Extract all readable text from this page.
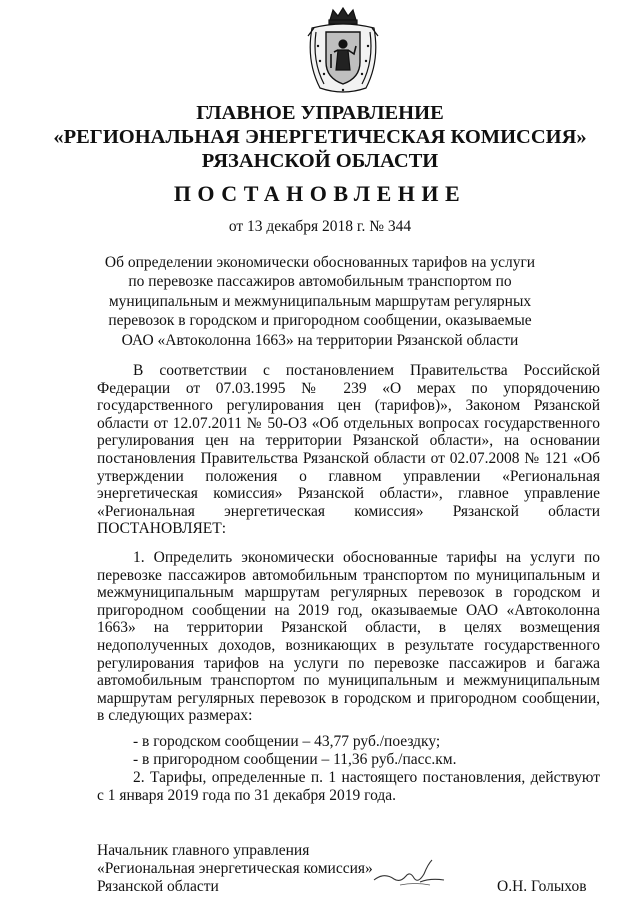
ГЛАВНОЕ УПРАВЛЕНИЕ
«РЕГИОНАЛЬНАЯ ЭНЕРГЕТИЧЕСКАЯ КОМИССИЯ»
РЯЗАНСКОЙ ОБЛАСТИ
ПОСТАНОВЛЕНИЕ
от 13 декабря 2018 г. № 344
Об определении экономически обоснованных тарифов на услуги по перевозке пассажиров автомобильным транспортом по муниципальным и межмуниципальным маршрутам регулярных перевозок в городском и пригородном сообщении, оказываемые ОАО «Автоколонна 1663» на территории Рязанской области
В соответствии с постановлением Правительства Российской Федерации от 07.03.1995 № 239 «О мерах по упорядочению государственного регулирования цен (тарифов)», Законом Рязанской области от 12.07.2011 № 50-ОЗ «Об отдельных вопросах государственного регулирования цен на территории Рязанской области», на основании постановления Правительства Рязанской области от 02.07.2008 № 121 «Об утверждении положения о главном управлении «Региональная энергетическая комиссия» Рязанской области», главное управление «Региональная энергетическая комиссия» Рязанской области ПОСТАНОВЛЯЕТ:
1. Определить экономически обоснованные тарифы на услуги по перевозке пассажиров автомобильным транспортом по муниципальным и межмуниципальным маршрутам регулярных перевозок в городском и пригородном сообщении на 2019 год, оказываемые ОАО «Автоколонна 1663» на территории Рязанской области, в целях возмещения недополученных доходов, возникающих в результате государственного регулирования тарифов на услуги по перевозке пассажиров и багажа автомобильным транспортом по муниципальным и межмуниципальным маршрутам регулярных перевозок в городском и пригородном сообщении, в следующих размерах:
- в городском сообщении – 43,77 руб./поездку;
- в пригородном сообщении – 11,36 руб./пасс.км.
2. Тарифы, определенные п. 1 настоящего постановления, действуют с 1 января 2019 года по 31 декабря 2019 года.
Начальник главного управления
«Региональная энергетическая комиссия»
Рязанской области	О.Н. Голыхов
